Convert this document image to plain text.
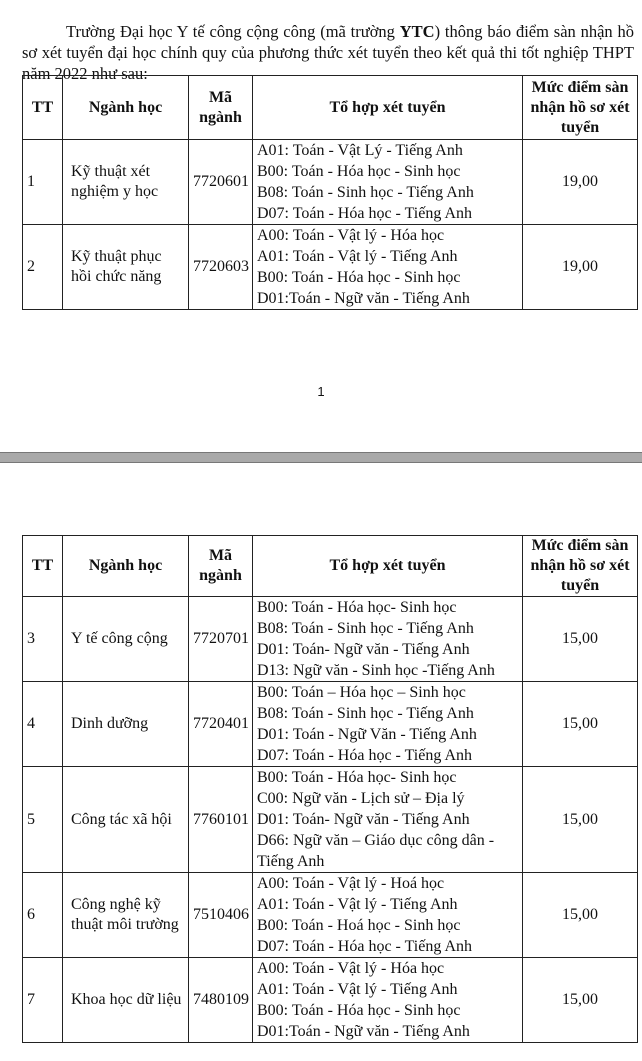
Trường Đại học Y tế công cộng công (mã trường YTC) thông báo điểm sàn nhận hồ sơ xét tuyển đại học chính quy của phương thức xét tuyển theo kết quả thi tốt nghiệp THPT năm 2022 như sau:

TT	Ngành học	Mã ngành	Tổ hợp xét tuyển	Mức điểm sàn nhận hồ sơ xét tuyển
1	Kỹ thuật xét nghiệm y học	7720601	A01: Toán - Vật Lý - Tiếng Anh
B00: Toán - Hóa học - Sinh học
B08: Toán - Sinh học - Tiếng Anh
D07: Toán - Hóa học - Tiếng Anh	19,00
2	Kỹ thuật phục hồi chức năng	7720603	A00: Toán - Vật lý - Hóa học
A01: Toán - Vật lý - Tiếng Anh
B00: Toán - Hóa học - Sinh học
D01:Toán - Ngữ văn - Tiếng Anh	19,00
1
TT	Ngành học	Mã ngành	Tổ hợp xét tuyển	Mức điểm sàn nhận hồ sơ xét tuyển
3	Y tế công cộng	7720701	B00: Toán - Hóa học- Sinh học
B08: Toán - Sinh học - Tiếng Anh
D01: Toán- Ngữ văn - Tiếng Anh
D13: Ngữ văn - Sinh học -Tiếng Anh	15,00
4	Dinh dưỡng	7720401	B00: Toán – Hóa học – Sinh học
B08: Toán - Sinh học - Tiếng Anh
D01: Toán - Ngữ Văn - Tiếng Anh
D07: Toán - Hóa học - Tiếng Anh	15,00
5	Công tác xã hội	7760101	B00: Toán - Hóa học- Sinh học
C00: Ngữ văn - Lịch sử – Địa lý
D01: Toán- Ngữ văn - Tiếng Anh
D66: Ngữ văn – Giáo dục công dân -
Tiếng Anh	15,00
6	Công nghệ kỹ thuật môi trường	7510406	A00: Toán - Vật lý - Hoá học
A01: Toán - Vật lý - Tiếng Anh
B00: Toán - Hoá học - Sinh học
D07: Toán - Hóa học - Tiếng Anh	15,00
7	Khoa học dữ liệu	7480109	A00: Toán - Vật lý - Hóa học
A01: Toán - Vật lý - Tiếng Anh
B00: Toán - Hóa học - Sinh học
D01:Toán - Ngữ văn - Tiếng Anh	15,00
